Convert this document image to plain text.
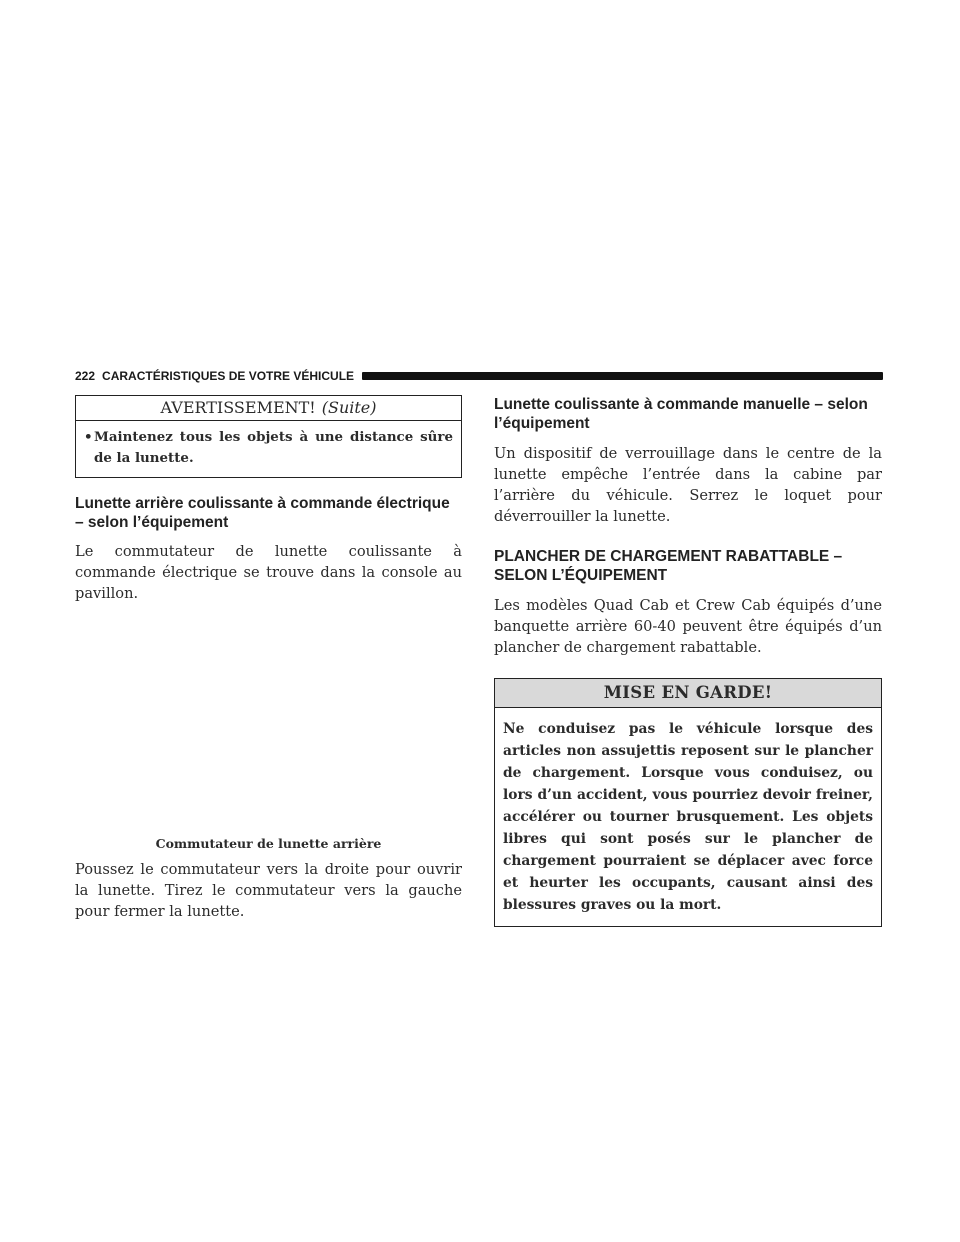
222 CARACTÉRISTIQUES DE VOTRE VÉHICULE
AVERTISSEMENT! (Suite)
• Maintenez tous les objets à une distance sûre de la lunette.
Lunette arrière coulissante à commande électrique – selon l’équipement

Le commutateur de lunette coulissante à commande électrique se trouve dans la console au pavillon.

Commutateur de lunette arrière

Poussez le commutateur vers la droite pour ouvrir la lunette. Tirez le commutateur vers la gauche pour fermer la lunette.

Lunette coulissante à commande manuelle – selon l’équipement

Un dispositif de verrouillage dans le centre de la lunette empêche l’entrée dans la cabine par l’arrière du véhicule. Serrez le loquet pour déverrouiller la lunette.

PLANCHER DE CHARGEMENT RABATTABLE – SELON L’ÉQUIPEMENT

Les modèles Quad Cab et Crew Cab équipés d’une banquette arrière 60-40 peuvent être équipés d’un plancher de chargement rabattable.

MISE EN GARDE!
Ne conduisez pas le véhicule lorsque des articles non assujettis reposent sur le plancher de chargement. Lorsque vous conduisez, ou lors d’un accident, vous pourriez devoir freiner, accélérer ou tourner brusquement. Les objets libres qui sont posés sur le plancher de chargement pourraient se déplacer avec force et heurter les occupants, causant ainsi des blessures graves ou la mort.
